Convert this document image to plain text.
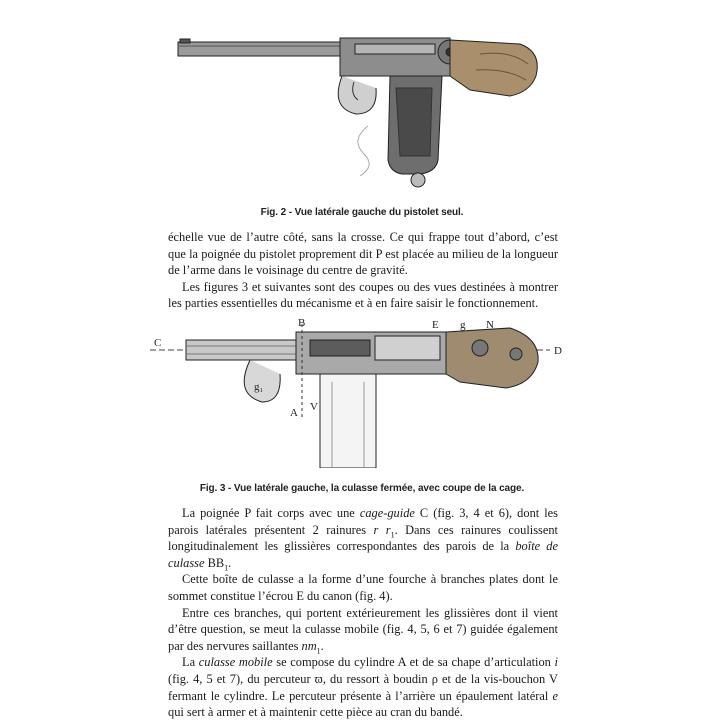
Fig. 2 - Vue latérale gauche du pistolet seul.

échelle vue de l’autre côté, sans la crosse. Ce qui frappe tout d’abord, c’est que la poignée du pistolet proprement dit P est placée au milieu de la longueur de l’arme dans le voisinage du centre de gravité.

Les figures 3 et suivantes sont des coupes ou des vues destinées à montrer les parties essentielles du mécanisme et à en faire saisir le fonctionnement.

C
D
B
A
E g N
g₁
V
Fig. 3 - Vue latérale gauche, la culasse fermée, avec coupe de la cage.

La poignée P fait corps avec une cage-guide C (fig. 3, 4 et 6), dont les parois latérales présentent 2 rainures r $r_1$. Dans ces rainures coulissent longitudinalement les glissières correspondantes des parois de la boîte de culasse $BB_1$.

Cette boîte de culasse a la forme d’une fourche à branches plates dont le sommet constitue l’écrou E du canon (fig. 4).

Entre ces branches, qui portent extérieurement les glissières dont il vient d’être question, se meut la culasse mobile (fig. 4, 5, 6 et 7) guidée également par des nervures saillantes $nm_1$.

La culasse mobile se compose du cylindre A et de sa chape d’articulation i (fig. 4, 5 et 7), du percuteur ϖ, du ressort à boudin ρ et de la vis-bouchon V fermant le cylindre. Le percuteur présente à l’arrière un épaulement latéral e qui sert à armer et à maintenir cette pièce au cran du bandé.
